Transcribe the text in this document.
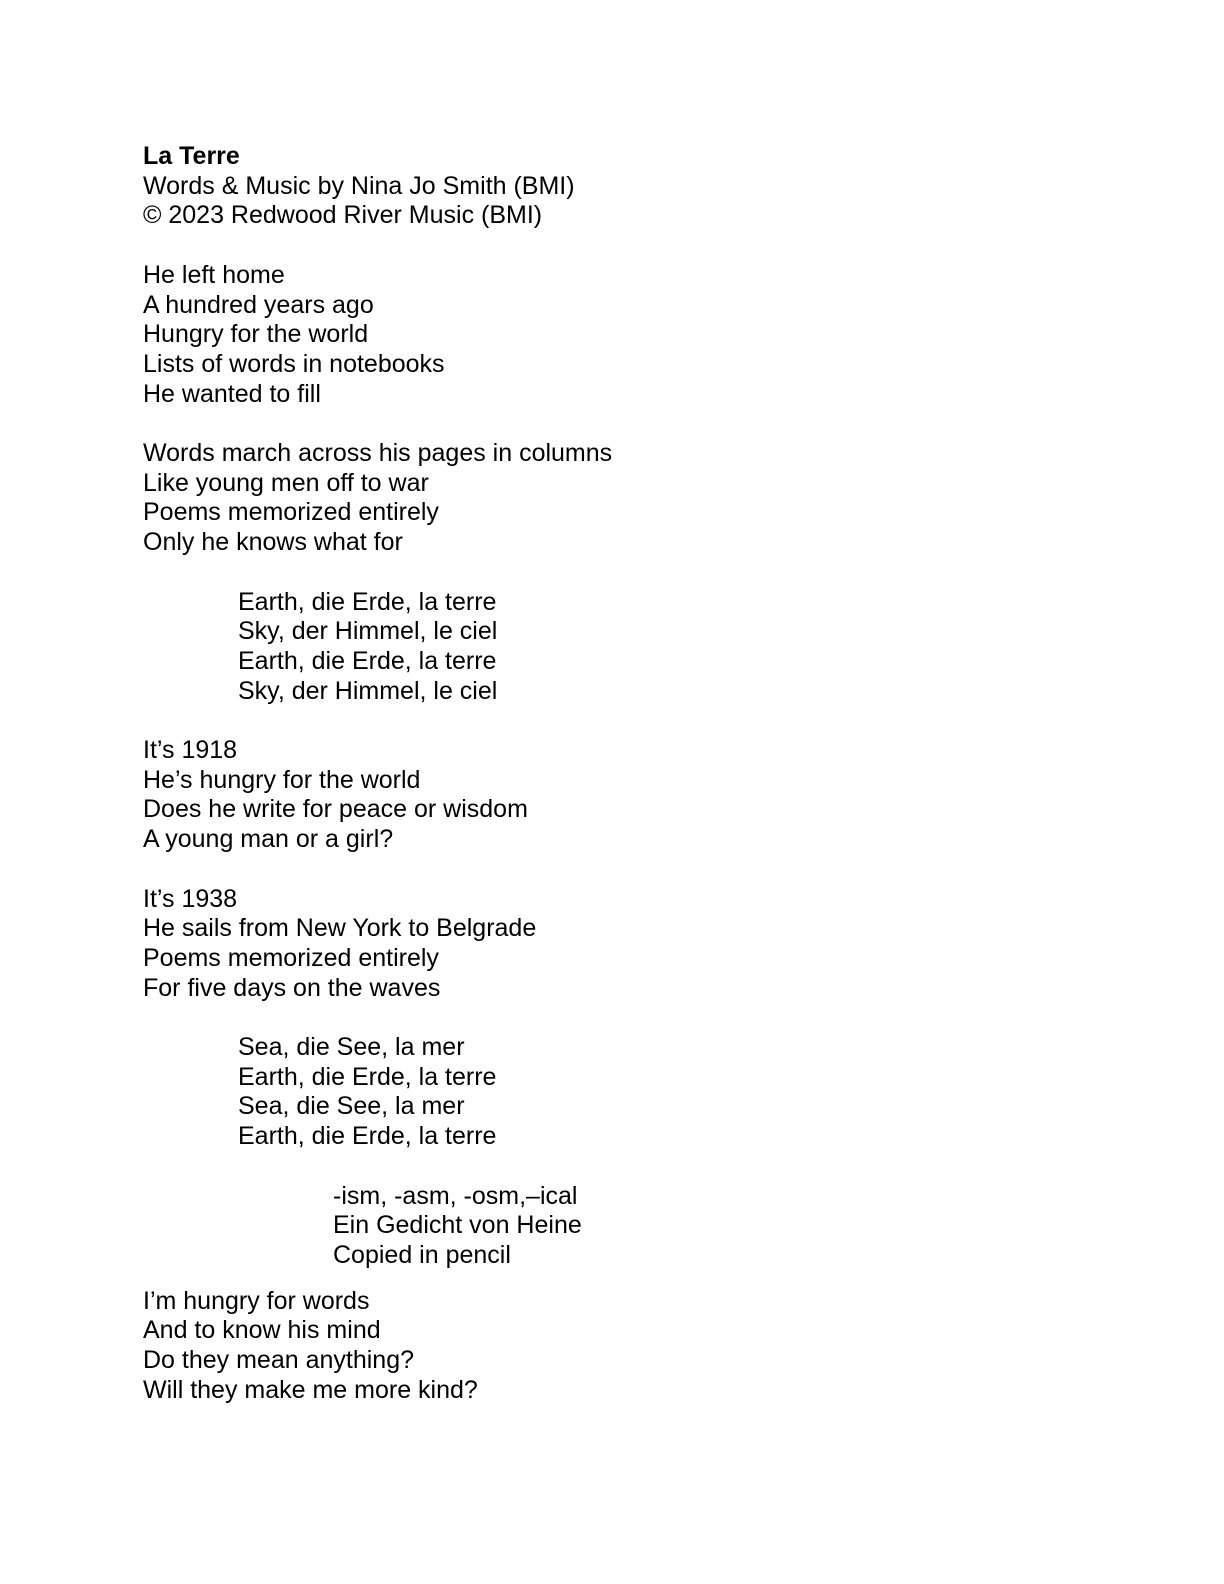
La Terre
Words & Music by Nina Jo Smith (BMI)
© 2023 Redwood River Music (BMI)
He left home
A hundred years ago
Hungry for the world
Lists of words in notebooks
He wanted to fill
Words march across his pages in columns
Like young men off to war
Poems memorized entirely
Only he knows what for
Earth, die Erde, la terre
Sky, der Himmel, le ciel
Earth, die Erde, la terre
Sky, der Himmel, le ciel
It’s 1918
He’s hungry for the world
Does he write for peace or wisdom
A young man or a girl?
It’s 1938
He sails from New York to Belgrade
Poems memorized entirely
For five days on the waves
Sea, die See, la mer
Earth, die Erde, la terre
Sea, die See, la mer
Earth, die Erde, la terre
-ism, -asm, -osm,–ical
Ein Gedicht von Heine
Copied in pencil
I’m hungry for words
And to know his mind
Do they mean anything?
Will they make me more kind?
